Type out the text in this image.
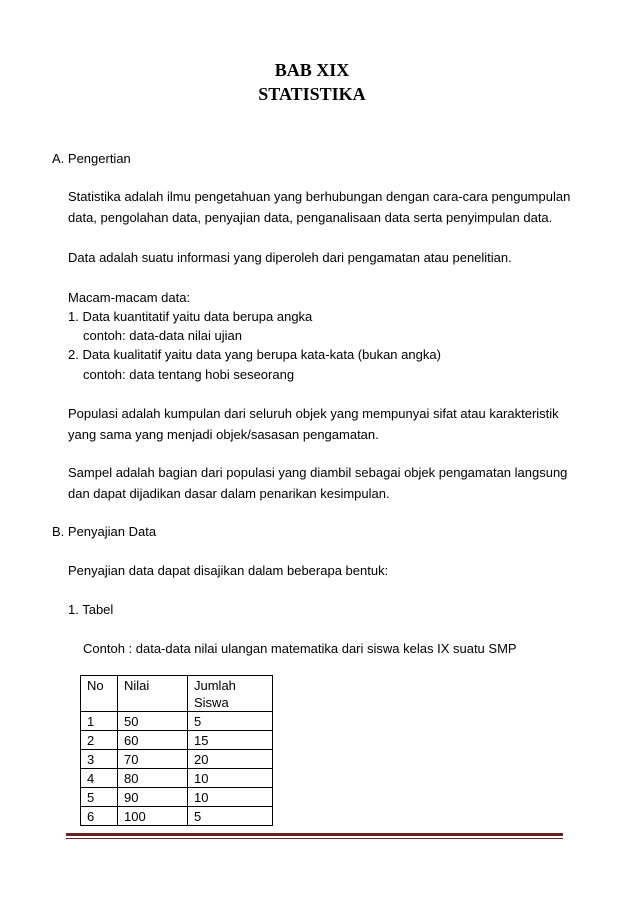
BAB XIX
STATISTIKA
A. Pengertian
Statistika adalah ilmu pengetahuan yang berhubungan dengan cara-cara pengumpulan
data, pengolahan data, penyajian data, penganalisaan data serta penyimpulan data.
Data adalah suatu informasi yang diperoleh dari pengamatan atau penelitian.
Macam-macam data:
1. Data kuantitatif yaitu data berupa angka
contoh: data-data nilai ujian
2. Data kualitatif yaitu data yang berupa kata-kata (bukan angka)
contoh: data tentang hobi seseorang
Populasi adalah kumpulan dari seluruh objek yang mempunyai sifat atau karakteristik
yang sama yang menjadi objek/sasasan pengamatan.
Sampel adalah bagian dari populasi yang diambil sebagai objek pengamatan langsung
dan dapat dijadikan dasar dalam penarikan kesimpulan.
B. Penyajian Data
Penyajian data dapat disajikan dalam beberapa bentuk:
1. Tabel
Contoh : data-data nilai ulangan matematika dari siswa kelas IX suatu SMP
No	Nilai	Jumlah Siswa
1	50	5
2	60	15
3	70	20
4	80	10
5	90	10
6	100	5
